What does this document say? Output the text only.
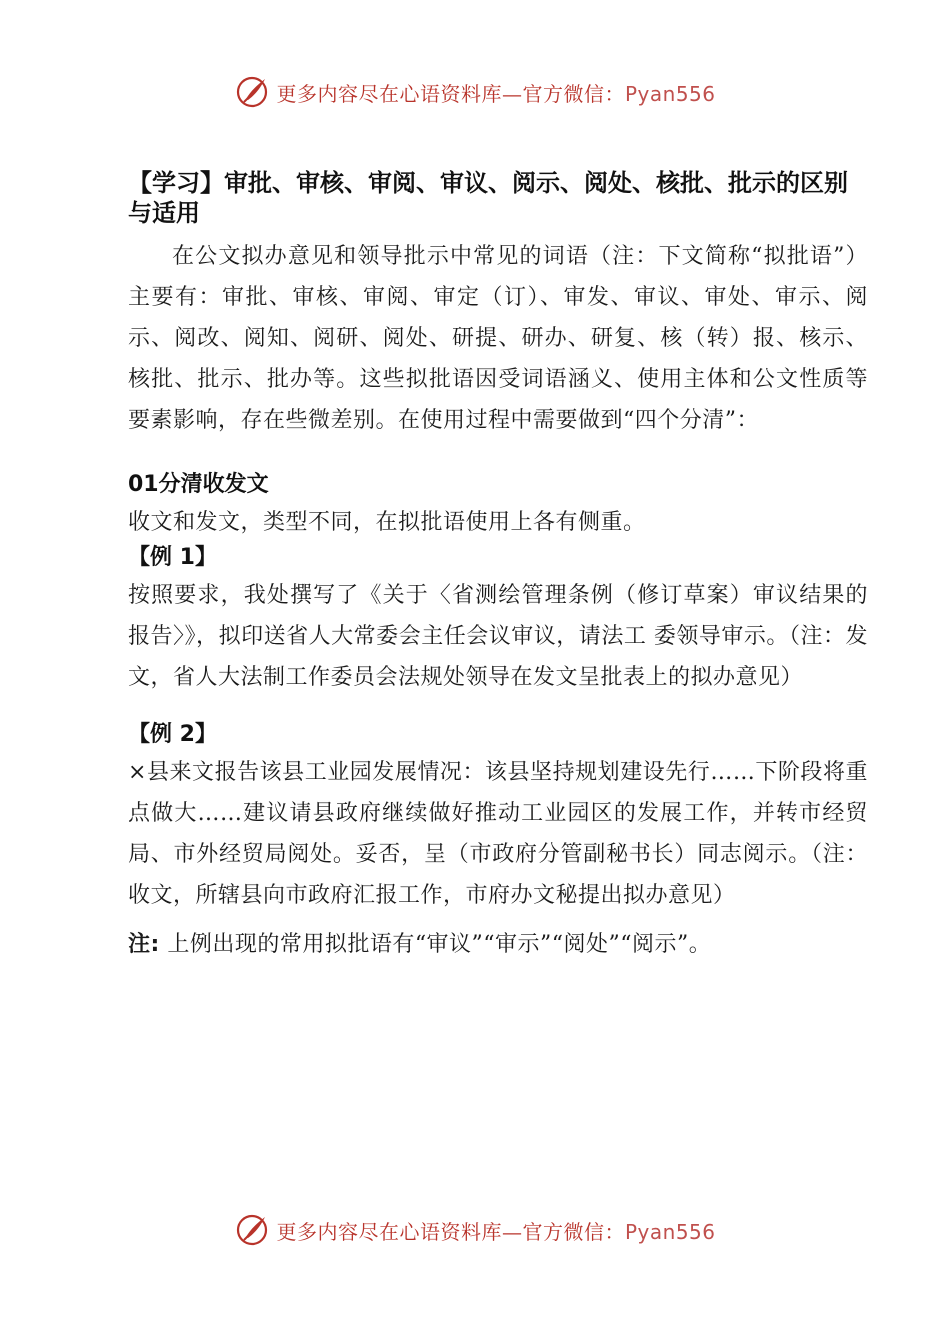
更多内容尽在心语资料库—官方微信：Pyan556
【学习】审批、审核、审阅、审议、阅示、阅处、核批、批示的区别与适用

在公文拟办意见和领导批示中常见的词语（注：下文简称“拟批语”）主要有：审批、审核、审阅、审定（订）、审发、审议、审处、审示、阅示、阅改、阅知、阅研、阅处、研提、研办、研复、核（转）报、核示、核批、批示、批办等。这些拟批语因受词语涵义、使用主体和公文性质等要素影响，存在些微差别。在使用过程中需要做到“四个分清”：

01分清收发文

收文和发文，类型不同，在拟批语使用上各有侧重。

【例 1】

按照要求，我处撰写了《关于〈省测绘管理条例（修订草案）审议结果的报告〉》，拟印送省人大常委会主任会议审议，请法工 委领导审示。（注：发文，省人大法制工作委员会法规处领导在发文呈批表上的拟办意见）

【例 2】

×县来文报告该县工业园发展情况：该县坚持规划建设先行……下阶段将重点做大……建议请县政府继续做好推动工业园区的发展工作，并转市经贸局、市外经贸局阅处。妥否，呈（市政府分管副秘书长）同志阅示。（注：收文，所辖县向市政府汇报工作，市府办文秘提出拟办意见）

注: 上例出现的常用拟批语有“审议”“审示”“阅处”“阅示”。

更多内容尽在心语资料库—官方微信：Pyan556
